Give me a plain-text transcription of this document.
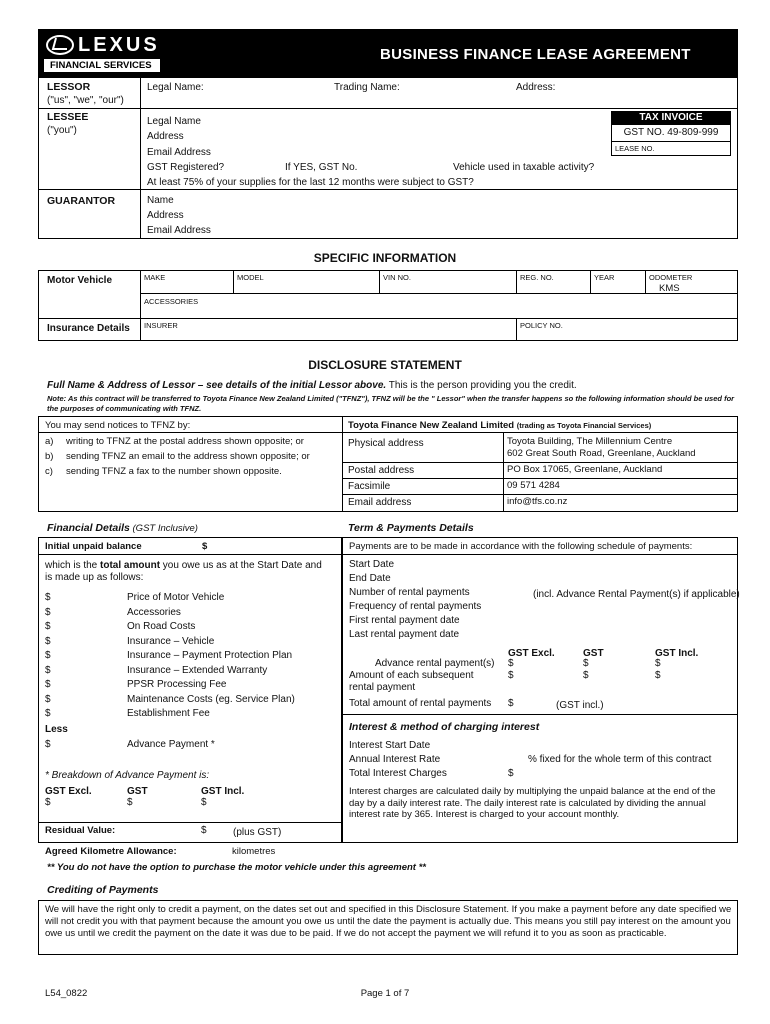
LEXUS
FINANCIAL SERVICES
BUSINESS FINANCE LEASE AGREEMENT
LESSOR
("us", "we", "our")
Legal Name:	Trading Name:	Address:
LESSEE
("you")
Legal Name
Address
Email Address
GST Registered?	If YES, GST No.	Vehicle used in taxable activity?
At least 75% of your supplies for the last 12 months were subject to GST?
TAX INVOICE
GST NO. 49-809-999
LEASE NO.
GUARANTOR	Name
Address
Email Address
SPECIFIC INFORMATION
Motor Vehicle	MAKE	MODEL	VIN NO.	REG. NO.	YEAR	ODOMETER
KMS
ACCESSORIES
Insurance Details INSURER	POLICY NO.
DISCLOSURE STATEMENT
Full Name & Address of Lessor – see details of the initial Lessor above. This is the person providing you the credit.
Note: As this contract will be transferred to Toyota Finance New Zealand Limited ("TFNZ"), TFNZ will be the " Lessor" when the transfer happens so the following information should be used for the purposes of communicating with TFNZ.
You may send notices to TFNZ by:
a) writing to TFNZ at the postal address shown opposite; or
b) sending TFNZ an email to the address shown opposite; or
c) sending TFNZ a fax to the number shown opposite.
Toyota Finance New Zealand Limited (trading as Toyota Financial Services)
Physical address	Toyota Building, The Millennium Centre
602 Great South Road, Greenlane, Auckland
Postal address	PO Box 17065, Greenlane, Auckland
Facsimile	09 571 4284
Email address	info@tfs.co.nz
Financial Details (GST Inclusive)
Initial unpaid balance	$
which is the total amount you owe us as at the Start Date and
is made up as follows:
$	Price of Motor Vehicle
$	Accessories
$	On Road Costs
$	Insurance – Vehicle
$	Insurance – Payment Protection Plan
$	Insurance – Extended Warranty
$	PPSR Processing Fee
$	Maintenance Costs (eg. Service Plan)
$	Establishment Fee
Less
$	Advance Payment *
* Breakdown of Advance Payment is:
GST Excl.	GST	GST Incl.
$	$	$
Residual Value:	$	(plus GST)
Agreed Kilometre Allowance:	kilometres
** You do not have the option to purchase the motor vehicle under this agreement **
Term & Payments Details
Payments are to be made in accordance with the following schedule of payments:
Start Date
End Date
Number of rental payments	(incl. Advance Rental Payment(s) if applicable)
Frequency of rental payments
First rental payment date
Last rental payment date
GST Excl.	GST	GST Incl.
Advance rental payment(s) $	$	$
Amount of each subsequent
rental payment
$	$	$
Total amount of rental payments $	(GST incl.)
Interest & method of charging interest
Interest Start Date
Annual Interest Rate	% fixed for the whole term of this contract
Total Interest Charges	$
Interest charges are calculated daily by multiplying the unpaid balance at the end of the day by a daily interest rate. The daily interest rate is calculated by dividing the annual interest rate by 365. Interest is charged to your account monthly.
Crediting of Payments
We will have the right only to credit a payment, on the dates set out and specified in this Disclosure Statement. If you make a payment before any date specified we will not credit you with that payment because the amount you owe us until the date the payment is actually due. This means you still pay interest on the amount you owe us until we credit the payment on the date it was due to be paid. If we do not accept the payment we will refund it to you as soon as practicable.
L54_0822	Page 1 of 7
